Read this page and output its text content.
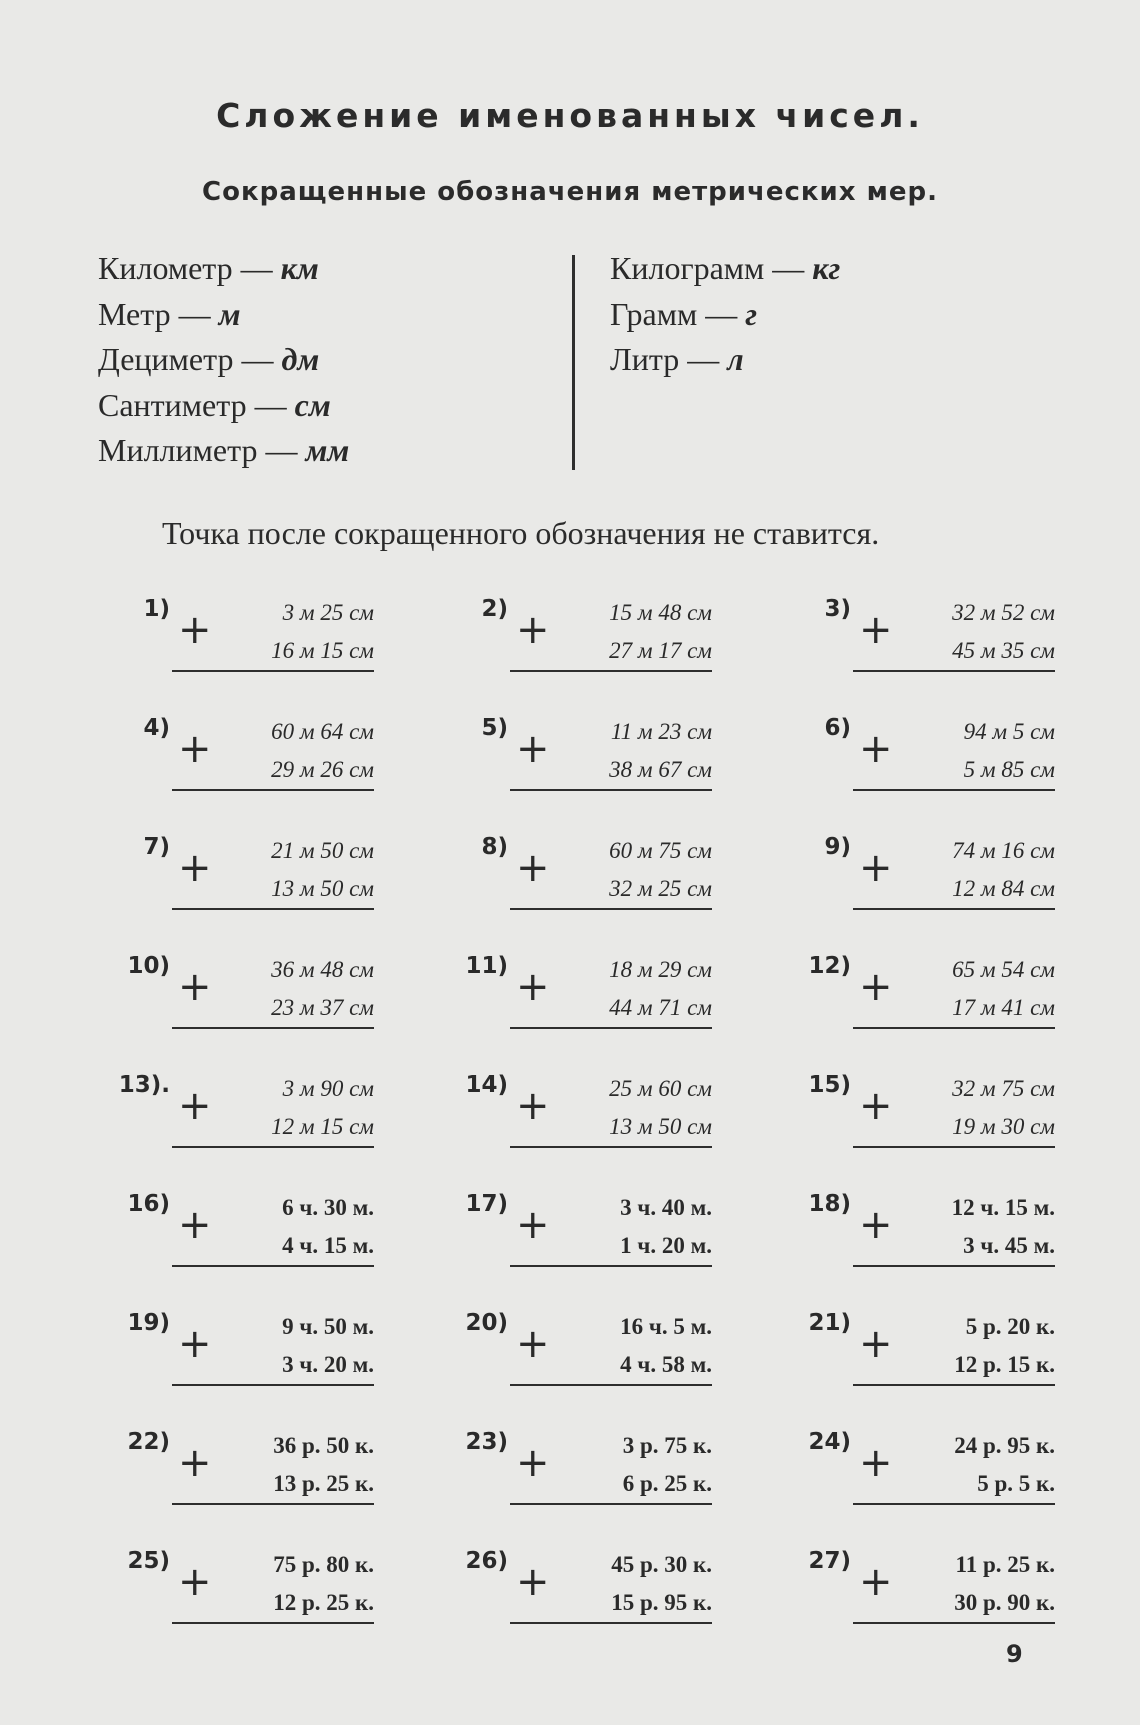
Сложение именованных чисел.
Сокращенные обозначения метрических мер.
Километр — км
Метр — м
Дециметр — дм
Сантиметр — см
Миллиметр — мм
Килограмм — кг
Грамм — г
Литр — л
Точка после сокращенного обозначения не ставится.
1) +	3 м 25 см
16 м 15 см
2) +	15 м 48 см
27 м 17 см
3) +	32 м 52 см
45 м 35 см
4) +	60 м 64 см
29 м 26 см
5) +	11 м 23 см
38 м 67 см
6) +	94 м 5 см
5 м 85 см
7) +	21 м 50 см
13 м 50 см
8) +	60 м 75 см
32 м 25 см
9) +	74 м 16 см
12 м 84 см
10) +	36 м 48 см
23 м 37 см
11) +	18 м 29 см
44 м 71 см
12) +	65 м 54 см
17 м 41 см
13). +	3 м 90 см
12 м 15 см
14) +	25 м 60 см
13 м 50 см
15) +	32 м 75 см
19 м 30 см
16) +	6 ч. 30 м.
4 ч. 15 м.
17) +	3 ч. 40 м.
1 ч. 20 м.
18) +	12 ч. 15 м.
3 ч. 45 м.
19) +	9 ч. 50 м.
3 ч. 20 м.
20) +	16 ч. 5 м.
4 ч. 58 м.
21) +	5 р. 20 к.
12 р. 15 к.
22) +	36 р. 50 к.
13 р. 25 к.
23) +	3 р. 75 к.
6 р. 25 к.
24) +	24 р. 95 к.
5 р. 5 к.
25) +	75 р. 80 к.
12 р. 25 к.
26) +	45 р. 30 к.
15 р. 95 к.
27) +	11 р. 25 к.
30 р. 90 к.
9
